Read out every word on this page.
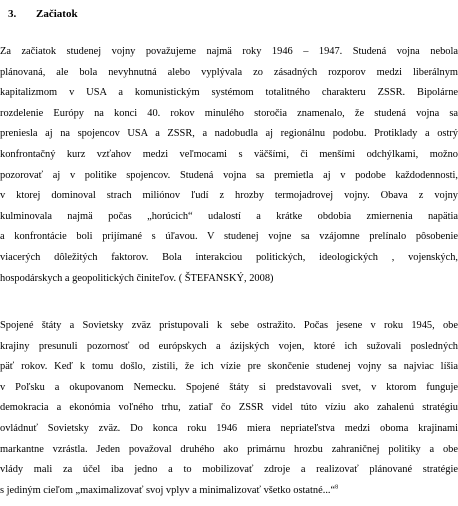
3. Začiatok
Za začiatok studenej vojny považujeme najmä roky 1946 – 1947. Studená vojna nebola
plánovaná, ale bola nevyhnutná alebo vyplývala zo zásadných rozporov medzi liberálnym
kapitalizmom v USA a komunistickým systémom totalitného charakteru ZSSR. Bipolárne
rozdelenie Európy na konci 40. rokov minulého storočia znamenalo, že studená vojna sa
preniesla aj na spojencov USA a ZSSR, a nadobudla aj regionálnu podobu. Protiklady a ostrý
konfrontačný kurz vzťahov medzi veľmocami s väčšími, či menšími odchýlkami, možno
pozorovať aj v politike spojencov. Studená vojna sa premietla aj v podobe každodennosti,
v ktorej dominoval strach miliónov ľudí z hrozby termojadrovej vojny. Obava z vojny
kulminovala najmä počas „horúcich“ udalostí a krátke obdobia zmiernenia napätia
a konfrontácie boli prijímané s úľavou. V studenej vojne sa vzájomne prelínalo pôsobenie
viacerých dôležitých faktorov. Bola interakciou politických, ideologických , vojenských,
hospodárskych a geopolitických činiteľov. ( ŠTEFANSKÝ, 2008)
Spojené štáty a Sovietsky zväz pristupovali k sebe ostražito. Počas jesene v roku 1945, obe
krajiny presunuli pozornosť od európskych a ázijských vojen, ktoré ich sužovali posledných
päť rokov. Keď k tomu došlo, zistili, že ich vízie pre skončenie studenej vojny sa najviac líšia
v Poľsku a okupovanom Nemecku. Spojené štáty si predstavovali svet, v ktorom funguje
demokracia a ekonómia voľného trhu, zatiaľ čo ZSSR videl túto víziu ako zahalenú stratégiu
ovládnuť Sovietsky zväz. Do konca roku 1946 miera nepriateľstva medzi oboma krajinami
markantne vzrástla. Jeden považoval druhého ako primárnu hrozbu zahraničnej politiky a obe
vlády mali za účel iba jedno a to mobilizovať zdroje a realizovať plánované stratégie
s jediným cieľom „maximalizovať svoj vplyv a minimalizovať všetko ostatné...“$^8$
